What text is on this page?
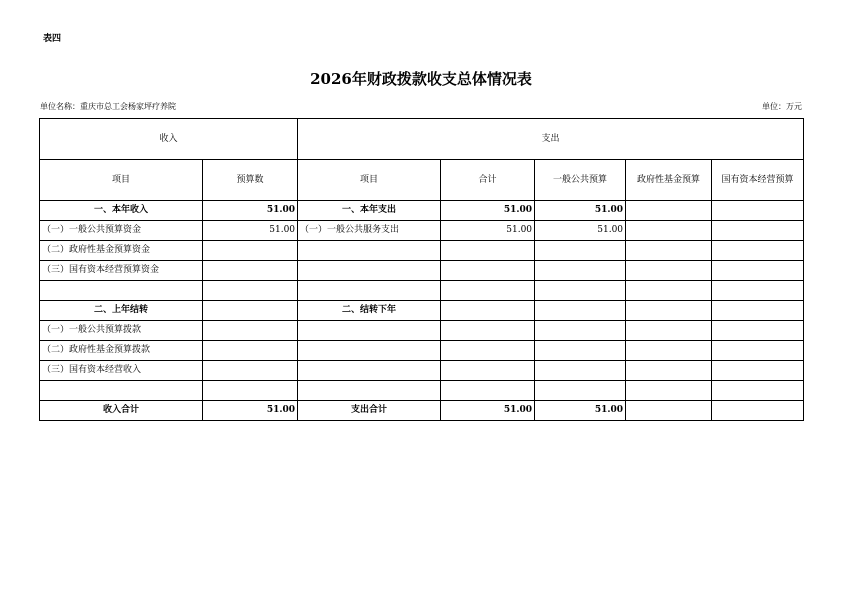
表四
2026年财政拨款收支总体情况表
单位名称：重庆市总工会杨家坪疗养院	单位：万元
收入		支出				
项目	预算数	项目	合计	一般公共预算	政府性基金预算	国有资本经营预算
一、本年收入	51.00	一、本年支出	51.00	51.00		
（一）一般公共预算资金	51.00	（一）一般公共服务支出	51.00	51.00		
（二）政府性基金预算资金						
（三）国有资本经营预算资金						

二、上年结转		二、结转下年				
（一）一般公共预算拨款						
（二）政府性基金预算拨款						
（三）国有资本经营收入						

收入合计	51.00	支出合计	51.00	51.00		
